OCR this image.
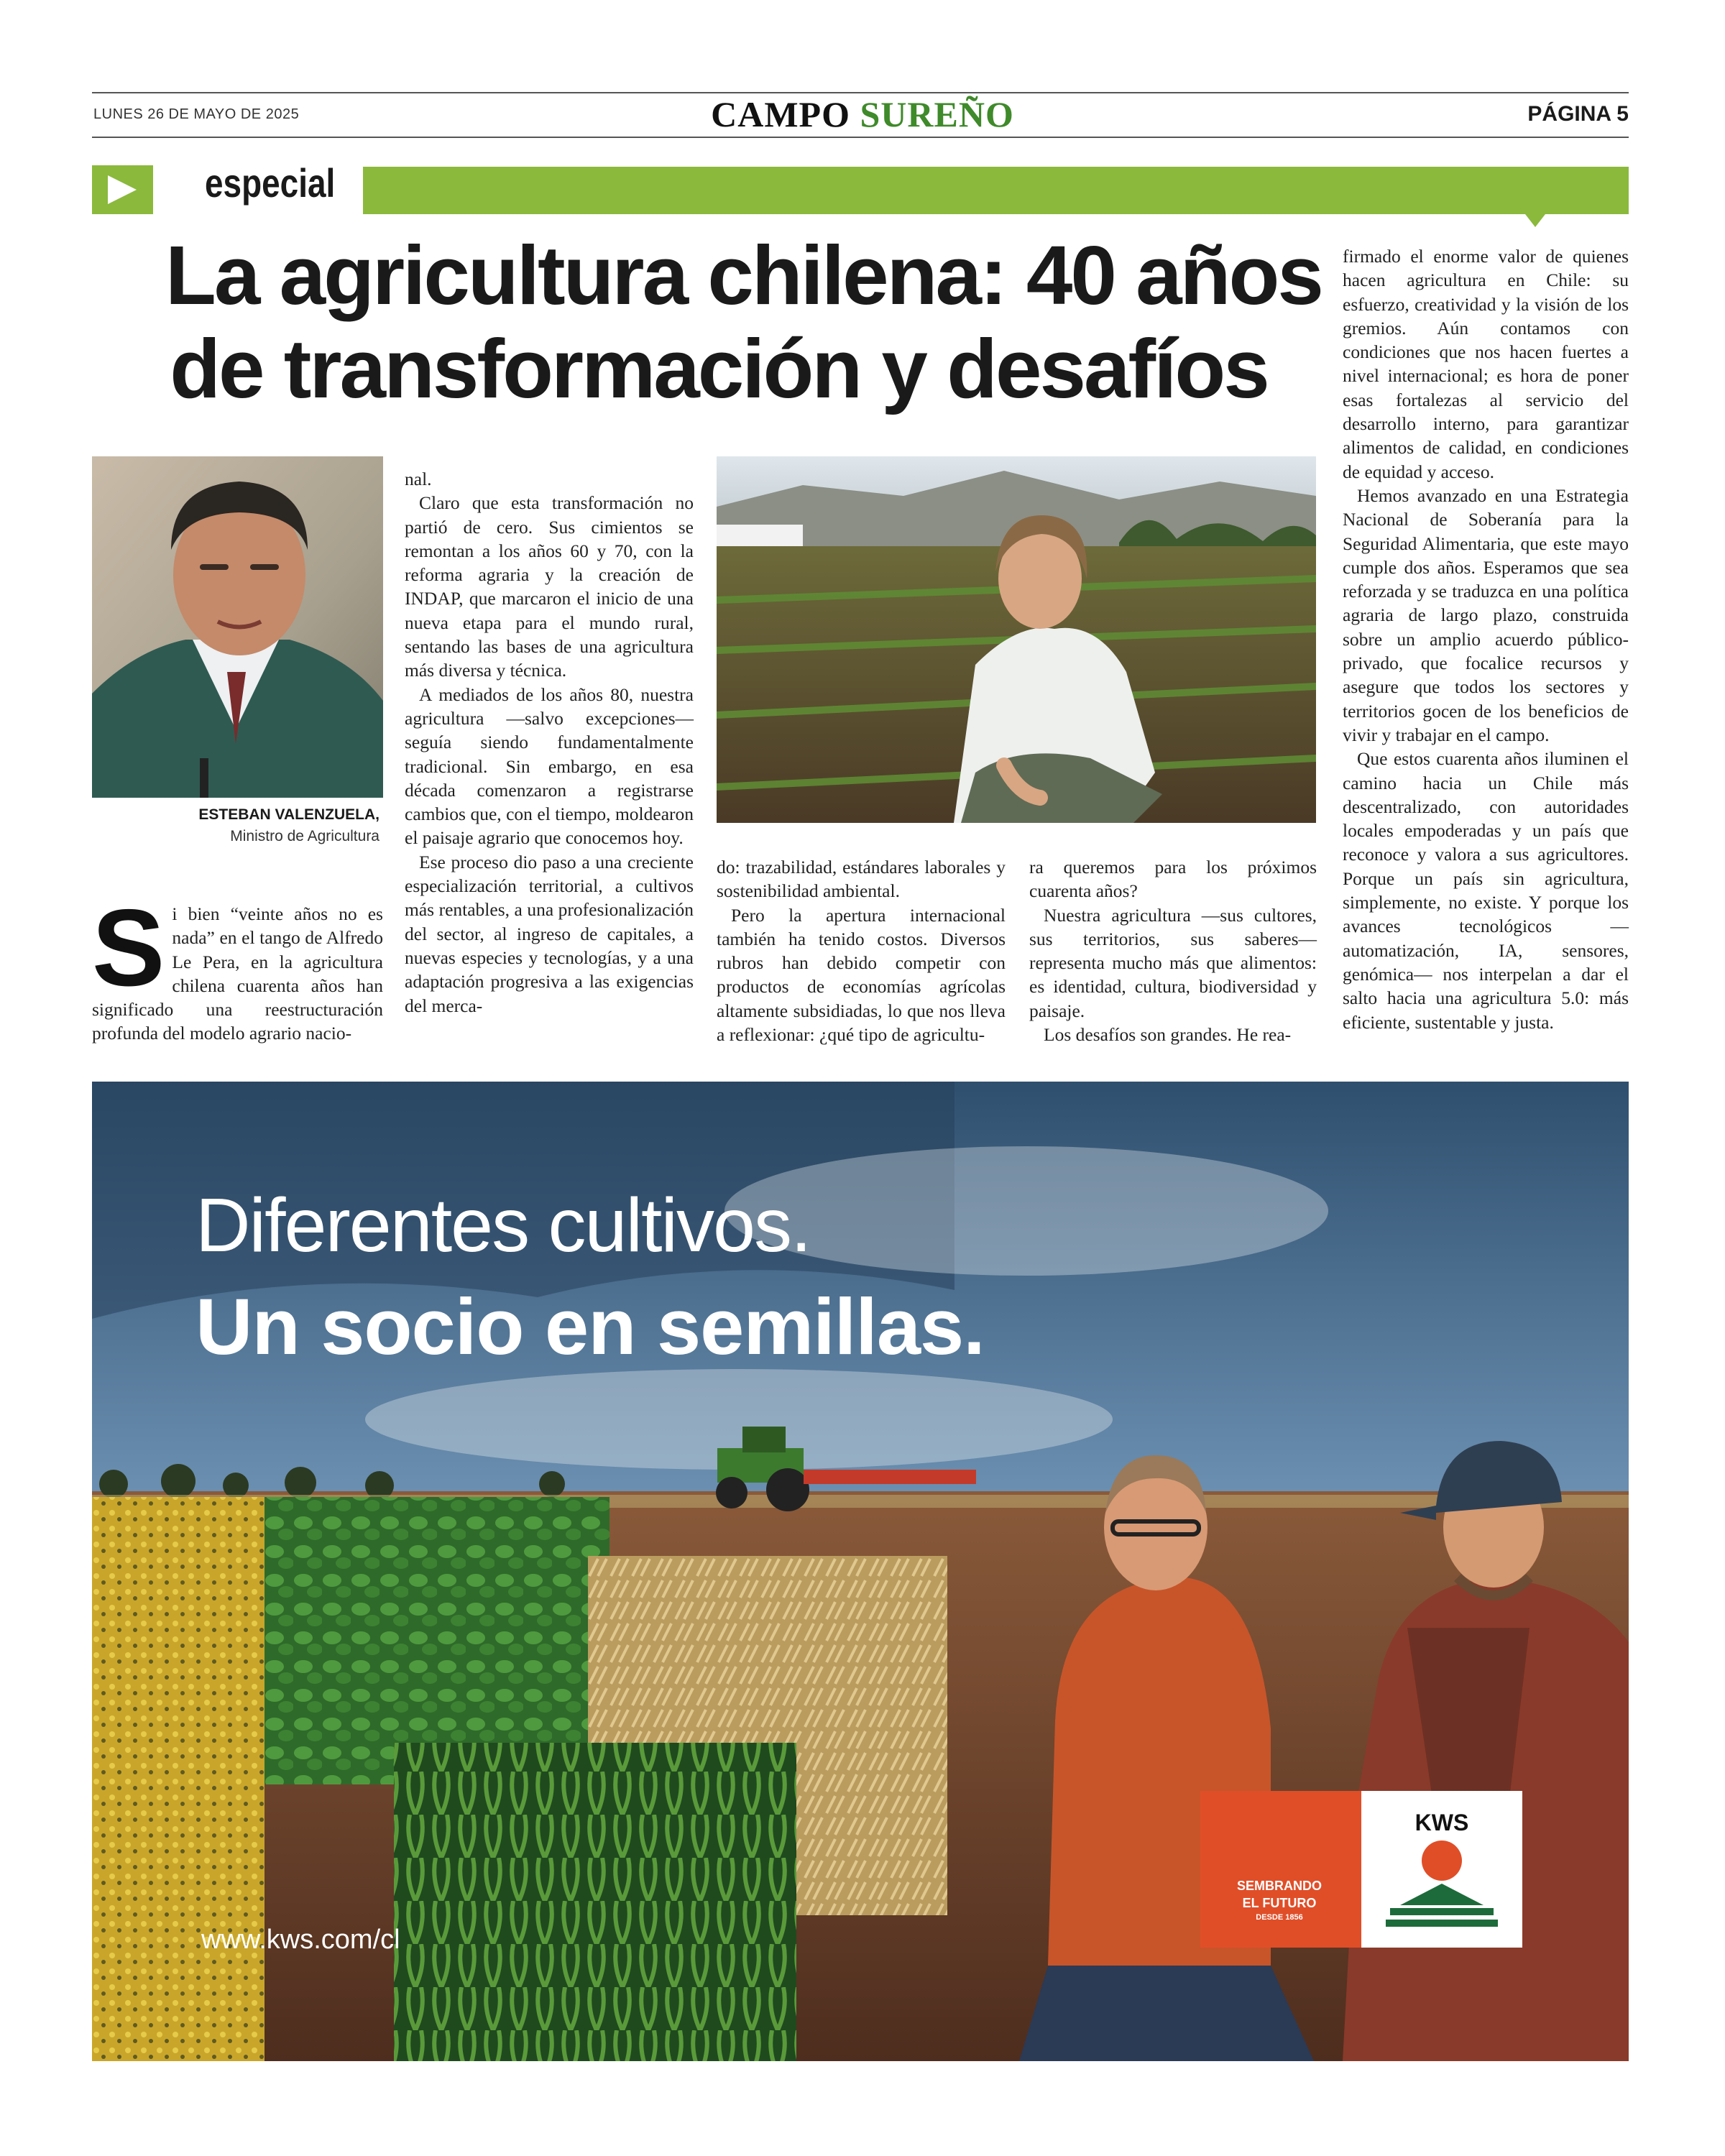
LUNES 26 DE MAYO DE 2025	CAMPO SUREÑO	PÁGINA 5
especial
La agricultura chilena: 40 años
de transformación y desafíos
ESTEBAN VALENZUELA,
Ministro de Agricultura
S i bien “veinte años no es nada” en el tango de Alfredo Le Pera, en la agricultura chilena cuarenta años han significado una reestructuración profunda del modelo agrario nacio-

nal.

Claro que esta transformación no partió de cero. Sus cimientos se remontan a los años 60 y 70, con la reforma agraria y la creación de INDAP, que marcaron el inicio de una nueva etapa para el mundo rural, sentando las bases de una agricultura más diversa y técnica.

A mediados de los años 80, nuestra agricultura —salvo excepciones— seguía siendo fundamentalmente tradicional. Sin embargo, en esa década comenzaron a registrarse cambios que, con el tiempo, moldearon el paisaje agrario que conocemos hoy.

Ese proceso dio paso a una creciente especialización territorial, a cultivos más rentables, a una profesionalización del sector, al ingreso de capitales, a nuevas especies y tecnologías, y a una adaptación progresiva a las exigencias del merca-

do: trazabilidad, estándares laborales y sostenibilidad ambiental.

Pero la apertura internacional también ha tenido costos. Diversos rubros han debido competir con productos de economías agrícolas altamente subsidiadas, lo que nos lleva a reflexionar: ¿qué tipo de agricultu-

ra queremos para los próximos cuarenta años?

Nuestra agricultura —sus cultores, sus territorios, sus saberes— representa mucho más que alimentos: es identidad, cultura, biodiversidad y paisaje.

Los desafíos son grandes. He rea-

firmado el enorme valor de quienes hacen agricultura en Chile: su esfuerzo, creatividad y la visión de los gremios. Aún contamos con condiciones que nos hacen fuertes a nivel internacional; es hora de poner esas fortalezas al servicio del desarrollo interno, para garantizar alimentos de calidad, en condiciones de equidad y acceso.

Hemos avanzado en una Estrategia Nacional de Soberanía para la Seguridad Alimentaria, que este mayo cumple dos años. Esperamos que sea reforzada y se traduzca en una política agraria de largo plazo, construida sobre un amplio acuerdo público-privado, que focalice recursos y asegure que todos los sectores y territorios gocen de los beneficios de vivir y trabajar en el campo.

Que estos cuarenta años iluminen el camino hacia un Chile más descentralizado, con autoridades locales empoderadas y un país que reconoce y valora a sus agricultores. Porque un país sin agricultura, simplemente, no existe. Y porque los avances tecnológicos —automatización, IA, sensores, genómica— nos interpelan a dar el salto hacia una agricultura 5.0: más eficiente, sustentable y justa.

Diferentes cultivos.
Un socio en semillas.
www.kws.com/cl
SEMBRANDO
EL FUTURO
DESDE 1856
KWS
